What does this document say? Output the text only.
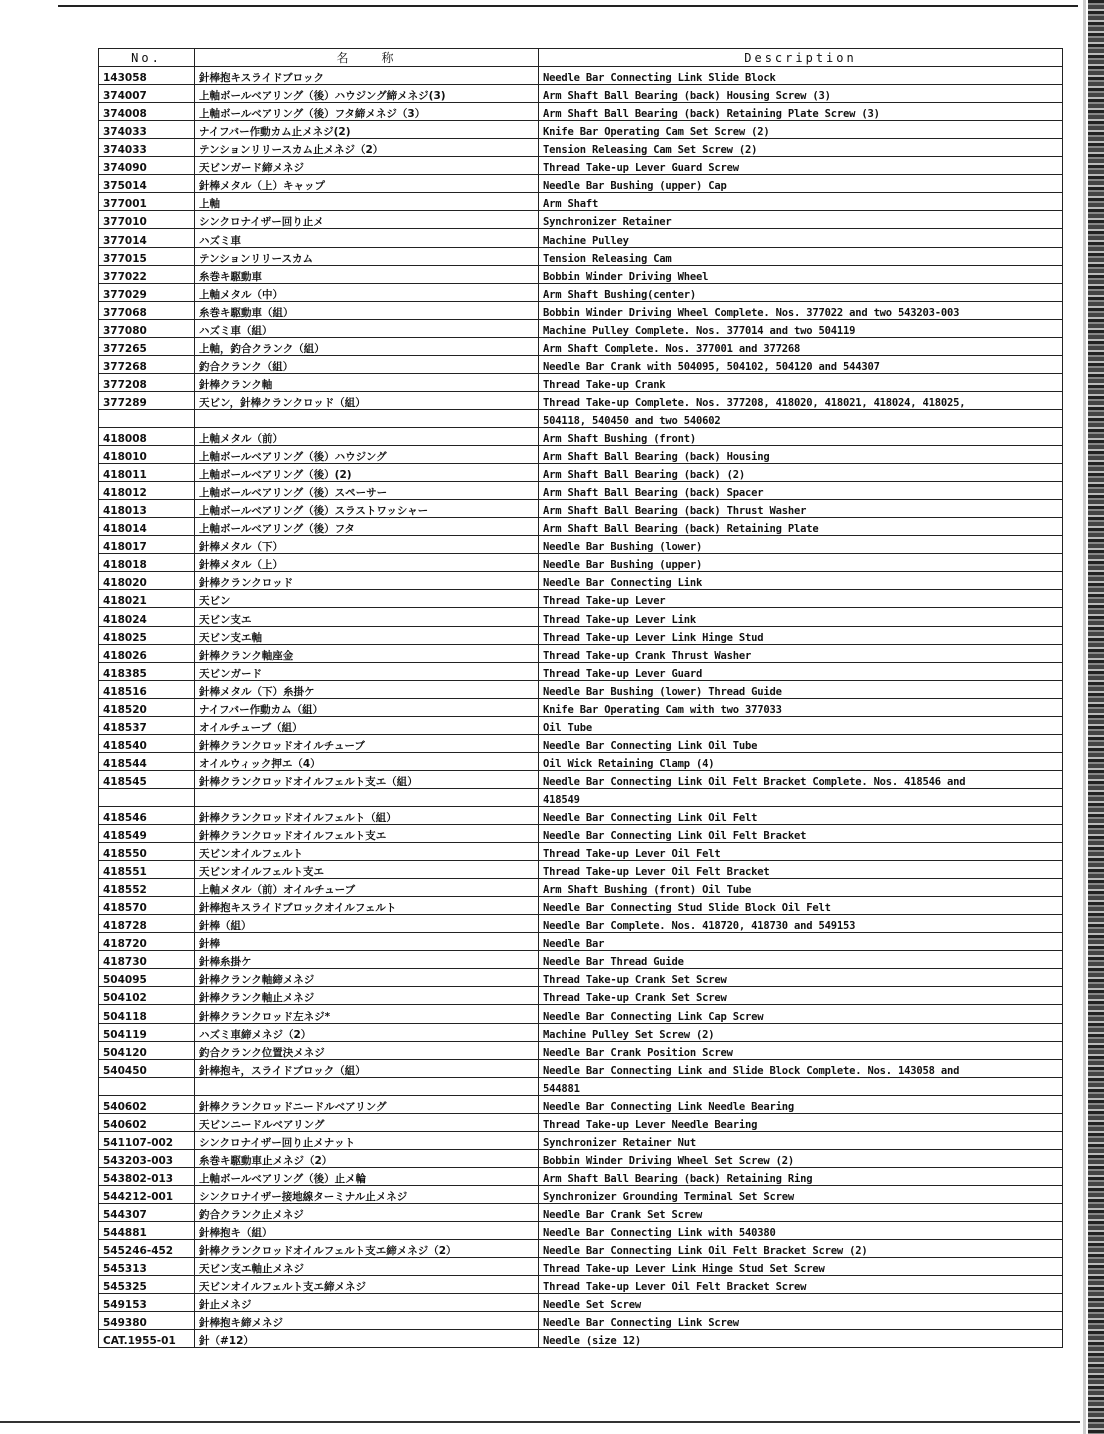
No.	名　　称	Description
143058	針棒抱キスライドブロック	Needle Bar Connecting Link Slide Block
374007	上軸ボールベアリング（後）ハウジング締メネジ(3)	Arm Shaft Ball Bearing (back) Housing Screw (3)
374008	上軸ボールベアリング（後）フタ締メネジ（3）	Arm Shaft Ball Bearing (back) Retaining Plate Screw (3)
374033	ナイフバー作動カム止メネジ(2)	Knife Bar Operating Cam Set Screw (2)
374033	テンションリリースカム止メネジ（2）	Tension Releasing Cam Set Screw (2)
374090	天ビンガード締メネジ	Thread Take-up Lever Guard Screw
375014	針棒メタル（上）キャップ	Needle Bar Bushing (upper) Cap
377001	上軸	Arm Shaft
377010	シンクロナイザー回り止メ	Synchronizer Retainer
377014	ハズミ車	Machine Pulley
377015	テンションリリースカム	Tension Releasing Cam
377022	糸巻キ駆動車	Bobbin Winder Driving Wheel
377029	上軸メタル（中）	Arm Shaft Bushing(center)
377068	糸巻キ駆動車（組）	Bobbin Winder Driving Wheel Complete. Nos. 377022 and two 543203-003
377080	ハズミ車（組）	Machine Pulley Complete. Nos. 377014 and two 504119
377265	上軸，釣合クランク（組）	Arm Shaft Complete. Nos. 377001 and 377268
377268	釣合クランク（組）	Needle Bar Crank with 504095, 504102, 504120 and 544307
377208	針棒クランク軸	Thread Take-up Crank
377289	天ビン，針棒クランクロッド（組）	Thread Take-up Complete. Nos. 377208, 418020, 418021, 418024, 418025,
		504118, 540450 and two 540602
418008	上軸メタル（前）	Arm Shaft Bushing (front)
418010	上軸ボールベアリング（後）ハウジング	Arm Shaft Ball Bearing (back) Housing
418011	上軸ボールベアリング（後）(2)	Arm Shaft Ball Bearing (back) (2)
418012	上軸ボールベアリング（後）スペーサー	Arm Shaft Ball Bearing (back) Spacer
418013	上軸ボールベアリング（後）スラストワッシャー	Arm Shaft Ball Bearing (back) Thrust Washer
418014	上軸ボールベアリング（後）フタ	Arm Shaft Ball Bearing (back) Retaining Plate
418017	針棒メタル（下）	Needle Bar Bushing (lower)
418018	針棒メタル（上）	Needle Bar Bushing (upper)
418020	針棒クランクロッド	Needle Bar Connecting Link
418021	天ビン	Thread Take-up Lever
418024	天ビン支エ	Thread Take-up Lever Link
418025	天ビン支エ軸	Thread Take-up Lever Link Hinge Stud
418026	針棒クランク軸座金	Thread Take-up Crank Thrust Washer
418385	天ビンガード	Thread Take-up Lever Guard
418516	針棒メタル（下）糸掛ケ	Needle Bar Bushing (lower) Thread Guide
418520	ナイフバー作動カム（組）	Knife Bar Operating Cam with two 377033
418537	オイルチューブ（組）	Oil Tube
418540	針棒クランクロッドオイルチューブ	Needle Bar Connecting Link Oil Tube
418544	オイルウィック押エ（4）	Oil Wick Retaining Clamp (4)
418545	針棒クランクロッドオイルフェルト支エ（組）	Needle Bar Connecting Link Oil Felt Bracket Complete. Nos. 418546 and
		418549
418546	針棒クランクロッドオイルフェルト（組）	Needle Bar Connecting Link Oil Felt
418549	針棒クランクロッドオイルフェルト支エ	Needle Bar Connecting Link Oil Felt Bracket
418550	天ビンオイルフェルト	Thread Take-up Lever Oil Felt
418551	天ビンオイルフェルト支エ	Thread Take-up Lever Oil Felt Bracket
418552	上軸メタル（前）オイルチューブ	Arm Shaft Bushing (front) Oil Tube
418570	針棒抱キスライドブロックオイルフェルト	Needle Bar Connecting Stud Slide Block Oil Felt
418728	針棒（組）	Needle Bar Complete. Nos. 418720, 418730 and 549153
418720	針棒	Needle Bar
418730	針棒糸掛ケ	Needle Bar Thread Guide
504095	針棒クランク軸締メネジ	Thread Take-up Crank Set Screw
504102	針棒クランク軸止メネジ	Thread Take-up Crank Set Screw
504118	針棒クランクロッド左ネジ*	Needle Bar Connecting Link Cap Screw
504119	ハズミ車締メネジ（2）	Machine Pulley Set Screw (2)
504120	釣合クランク位置決メネジ	Needle Bar Crank Position Screw
540450	針棒抱キ，スライドブロック（組）	Needle Bar Connecting Link and Slide Block Complete. Nos. 143058 and
		544881
540602	針棒クランクロッドニードルベアリング	Needle Bar Connecting Link Needle Bearing
540602	天ビンニードルベアリング	Thread Take-up Lever Needle Bearing
541107-002	シンクロナイザー回り止メナット	Synchronizer Retainer Nut
543203-003	糸巻キ駆動車止メネジ（2）	Bobbin Winder Driving Wheel Set Screw (2)
543802-013	上軸ボールベアリング（後）止メ輪	Arm Shaft Ball Bearing (back) Retaining Ring
544212-001	シンクロナイザー接地線ターミナル止メネジ	Synchronizer Grounding Terminal Set Screw
544307	釣合クランク止メネジ	Needle Bar Crank Set Screw
544881	針棒抱キ（組）	Needle Bar Connecting Link with 540380
545246-452	針棒クランクロッドオイルフェルト支エ締メネジ（2）	Needle Bar Connecting Link Oil Felt Bracket Screw (2)
545313	天ビン支エ軸止メネジ	Thread Take-up Lever Link Hinge Stud Set Screw
545325	天ビンオイルフェルト支エ締メネジ	Thread Take-up Lever Oil Felt Bracket Screw
549153	針止メネジ	Needle Set Screw
549380	針棒抱キ締メネジ	Needle Bar Connecting Link Screw
CAT.1955-01	針（#12）	Needle (size 12)
